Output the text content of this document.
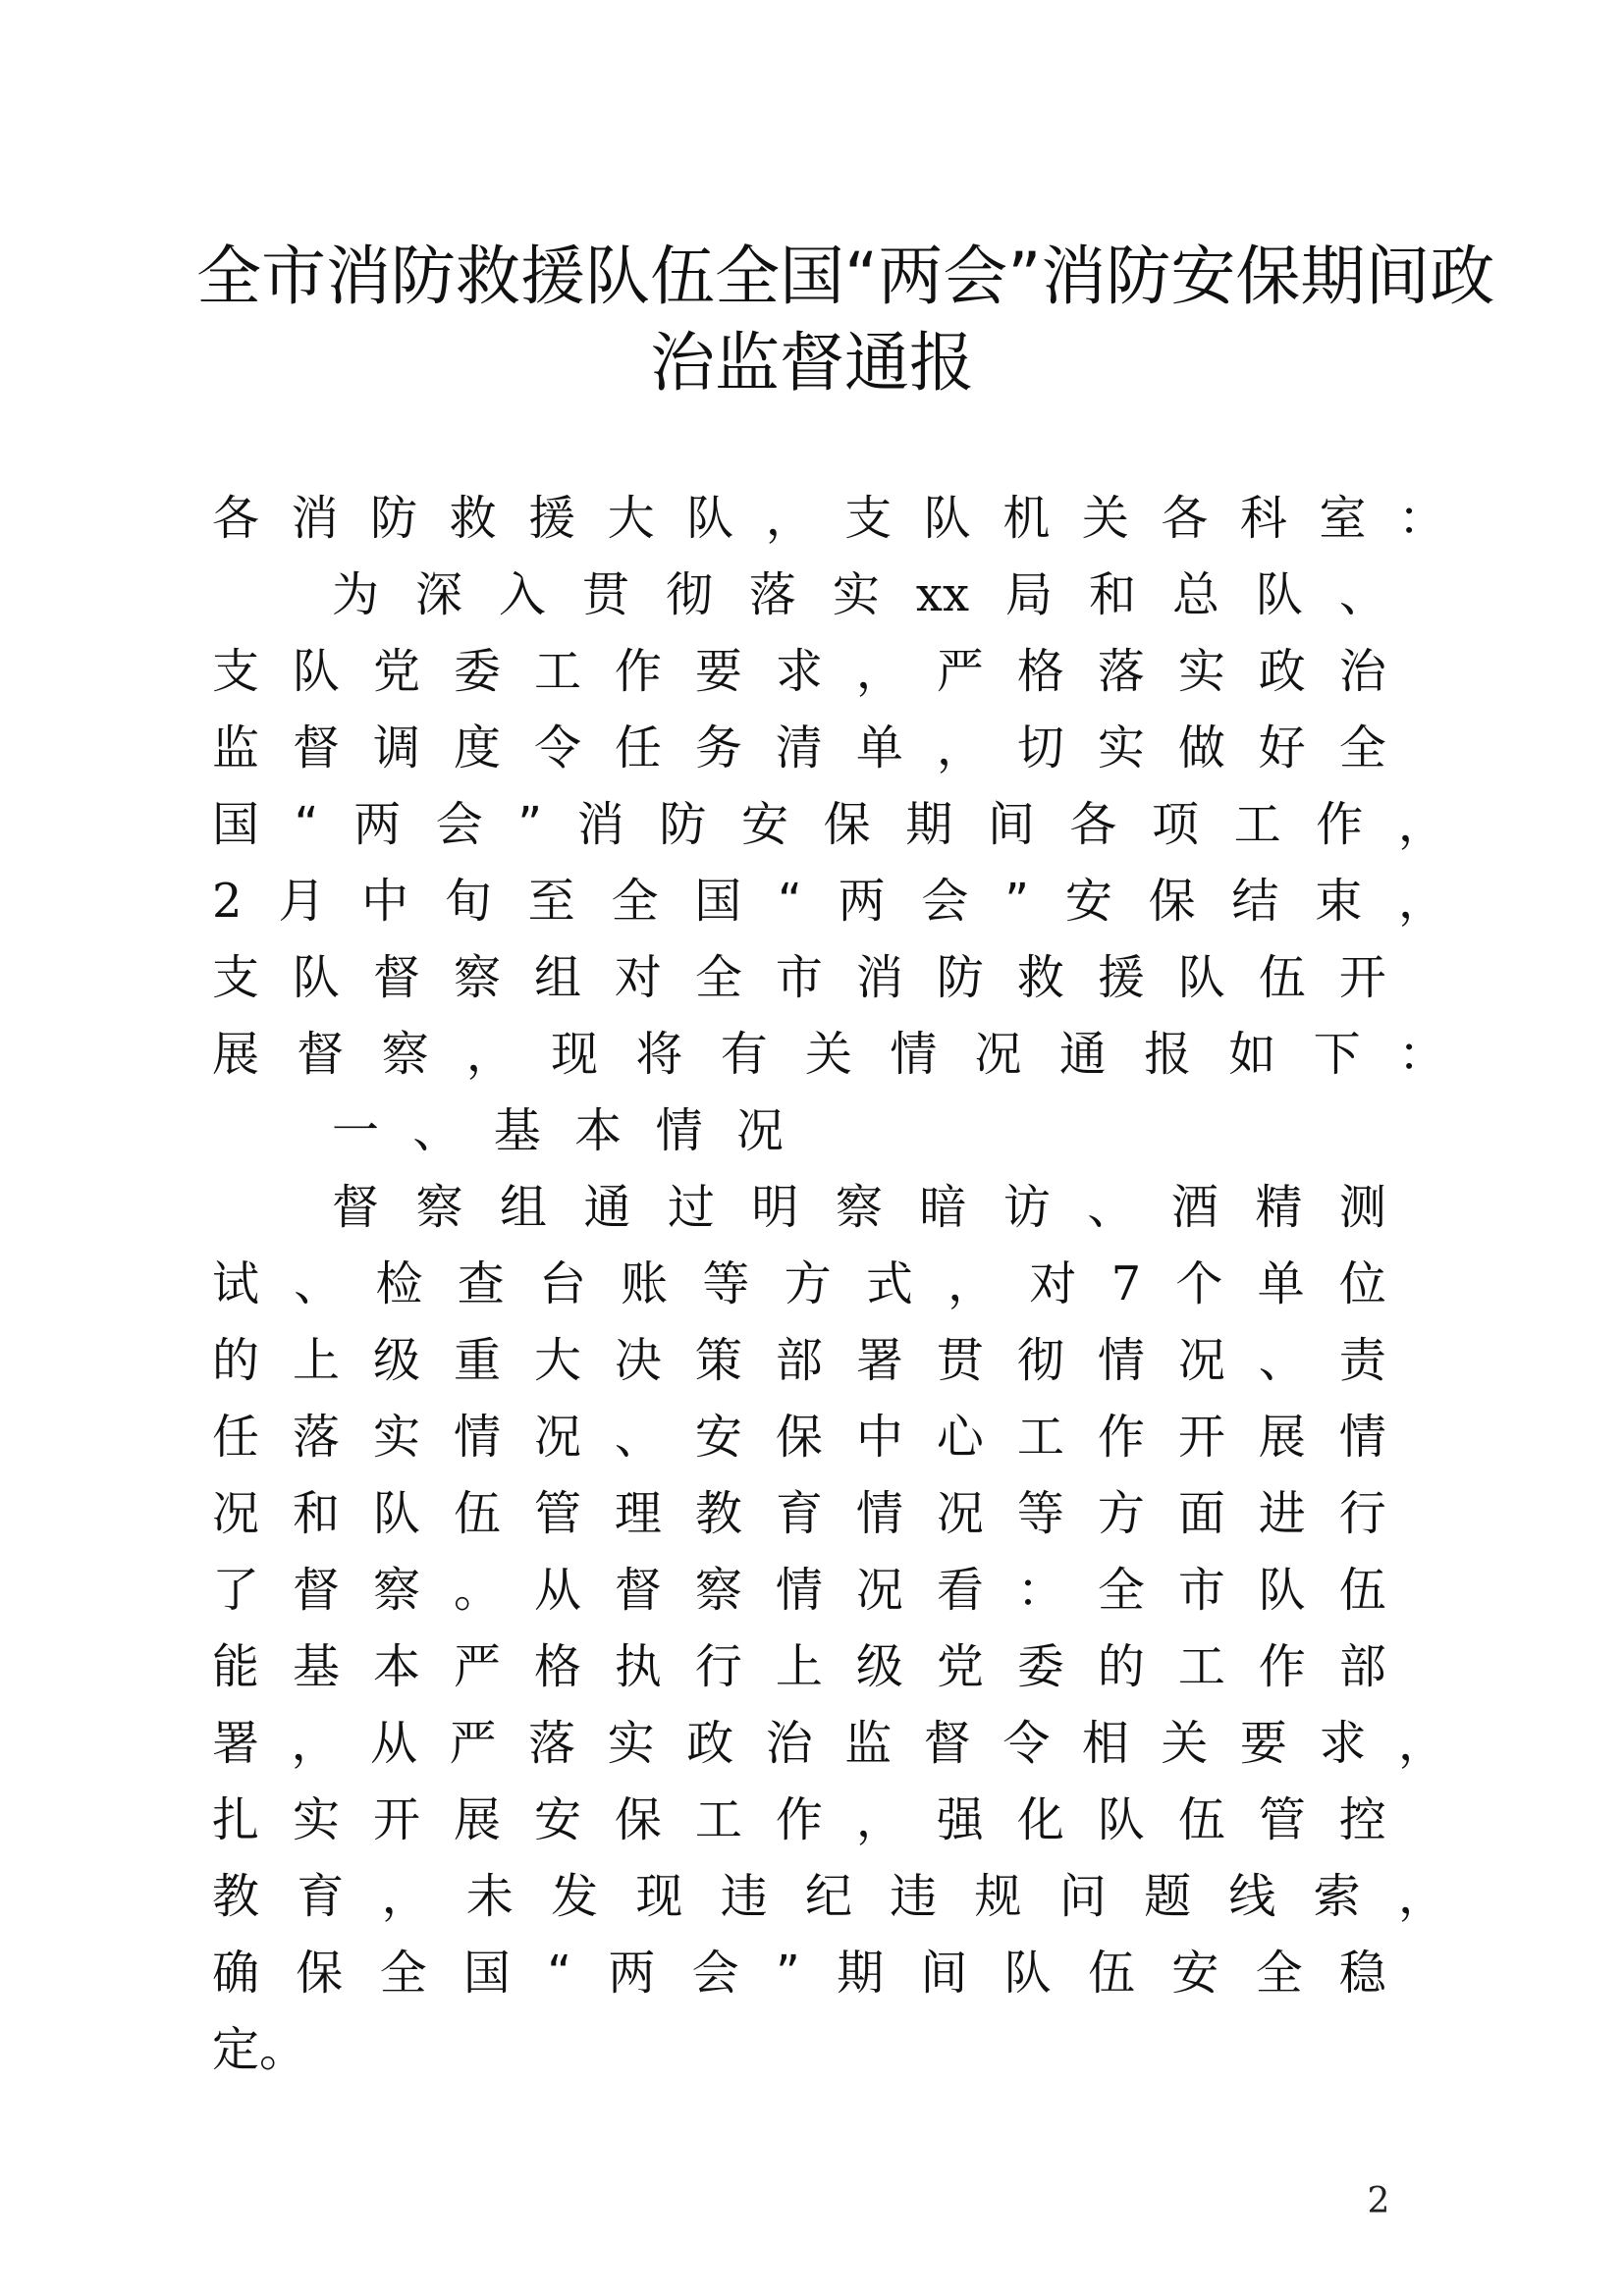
全市消防救援队伍全国“两会”消防安保期间政
治监督通报
各 消 防 救 援 大 队 ， 支 队 机 关 各 科 室 ：
为 深 入 贯 彻 落 实 xx 局 和 总 队 、
支 队 党 委 工 作 要 求 ， 严 格 落 实 政 治
监 督 调 度 令 任 务 清 单 ， 切 实 做 好 全
国 “ 两 会 ” 消 防 安 保 期 间 各 项 工 作 ，
2 月 中 旬 至 全 国 “ 两 会 ” 安 保 结 束 ，
支 队 督 察 组 对 全 市 消 防 救 援 队 伍 开
展 督 察 ， 现 将 有 关 情 况 通 报 如 下 ：
一 、 基 本 情 况
督 察 组 通 过 明 察 暗 访 、 酒 精 测
试 、 检 查 台 账 等 方 式 ， 对 7 个 单 位
的 上 级 重 大 决 策 部 署 贯 彻 情 况 、 责
任 落 实 情 况 、 安 保 中 心 工 作 开 展 情
况 和 队 伍 管 理 教 育 情 况 等 方 面 进 行
了 督 察 。 从 督 察 情 况 看 ： 全 市 队 伍
能 基 本 严 格 执 行 上 级 党 委 的 工 作 部
署 ， 从 严 落 实 政 治 监 督 令 相 关 要 求 ，
扎 实 开 展 安 保 工 作 ， 强 化 队 伍 管 控
教 育 ， 未 发 现 违 纪 违 规 问 题 线 索 ，
确 保 全 国 “ 两 会 ” 期 间 队 伍 安 全 稳
定 。
2
